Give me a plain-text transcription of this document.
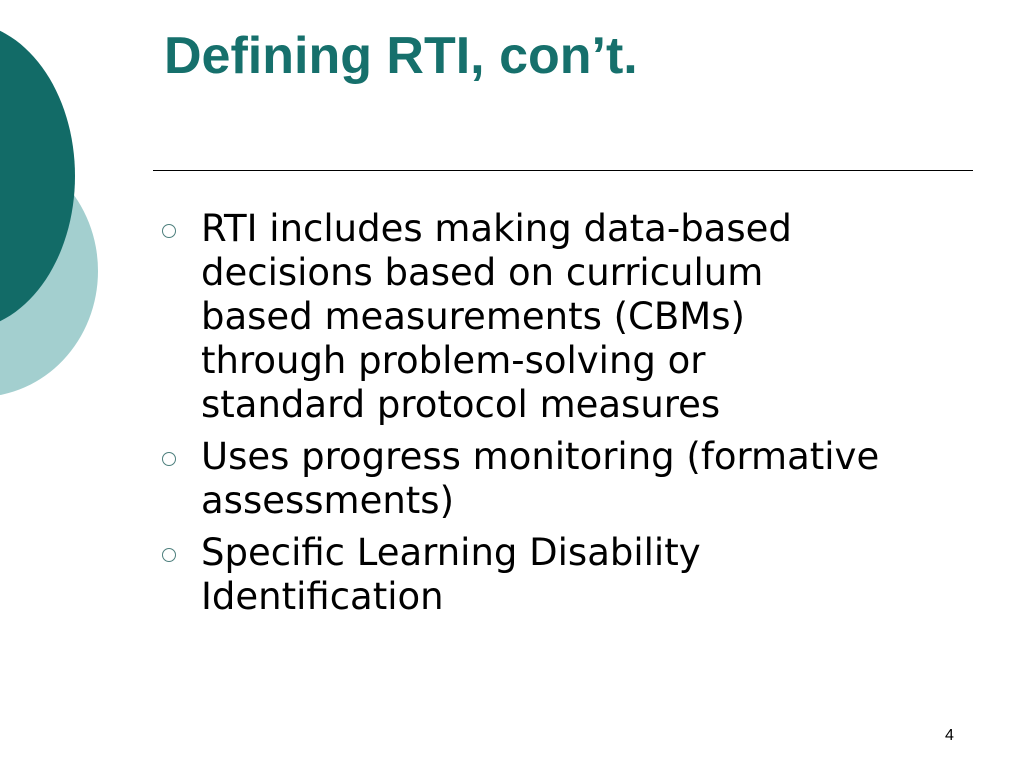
Defining RTI, con’t.
RTI includes making data-based decisions based on curriculum based measurements (CBMs) through problem-solving or standard protocol measures
Uses progress monitoring (formative assessments)
Specific Learning Disability Identification
4
